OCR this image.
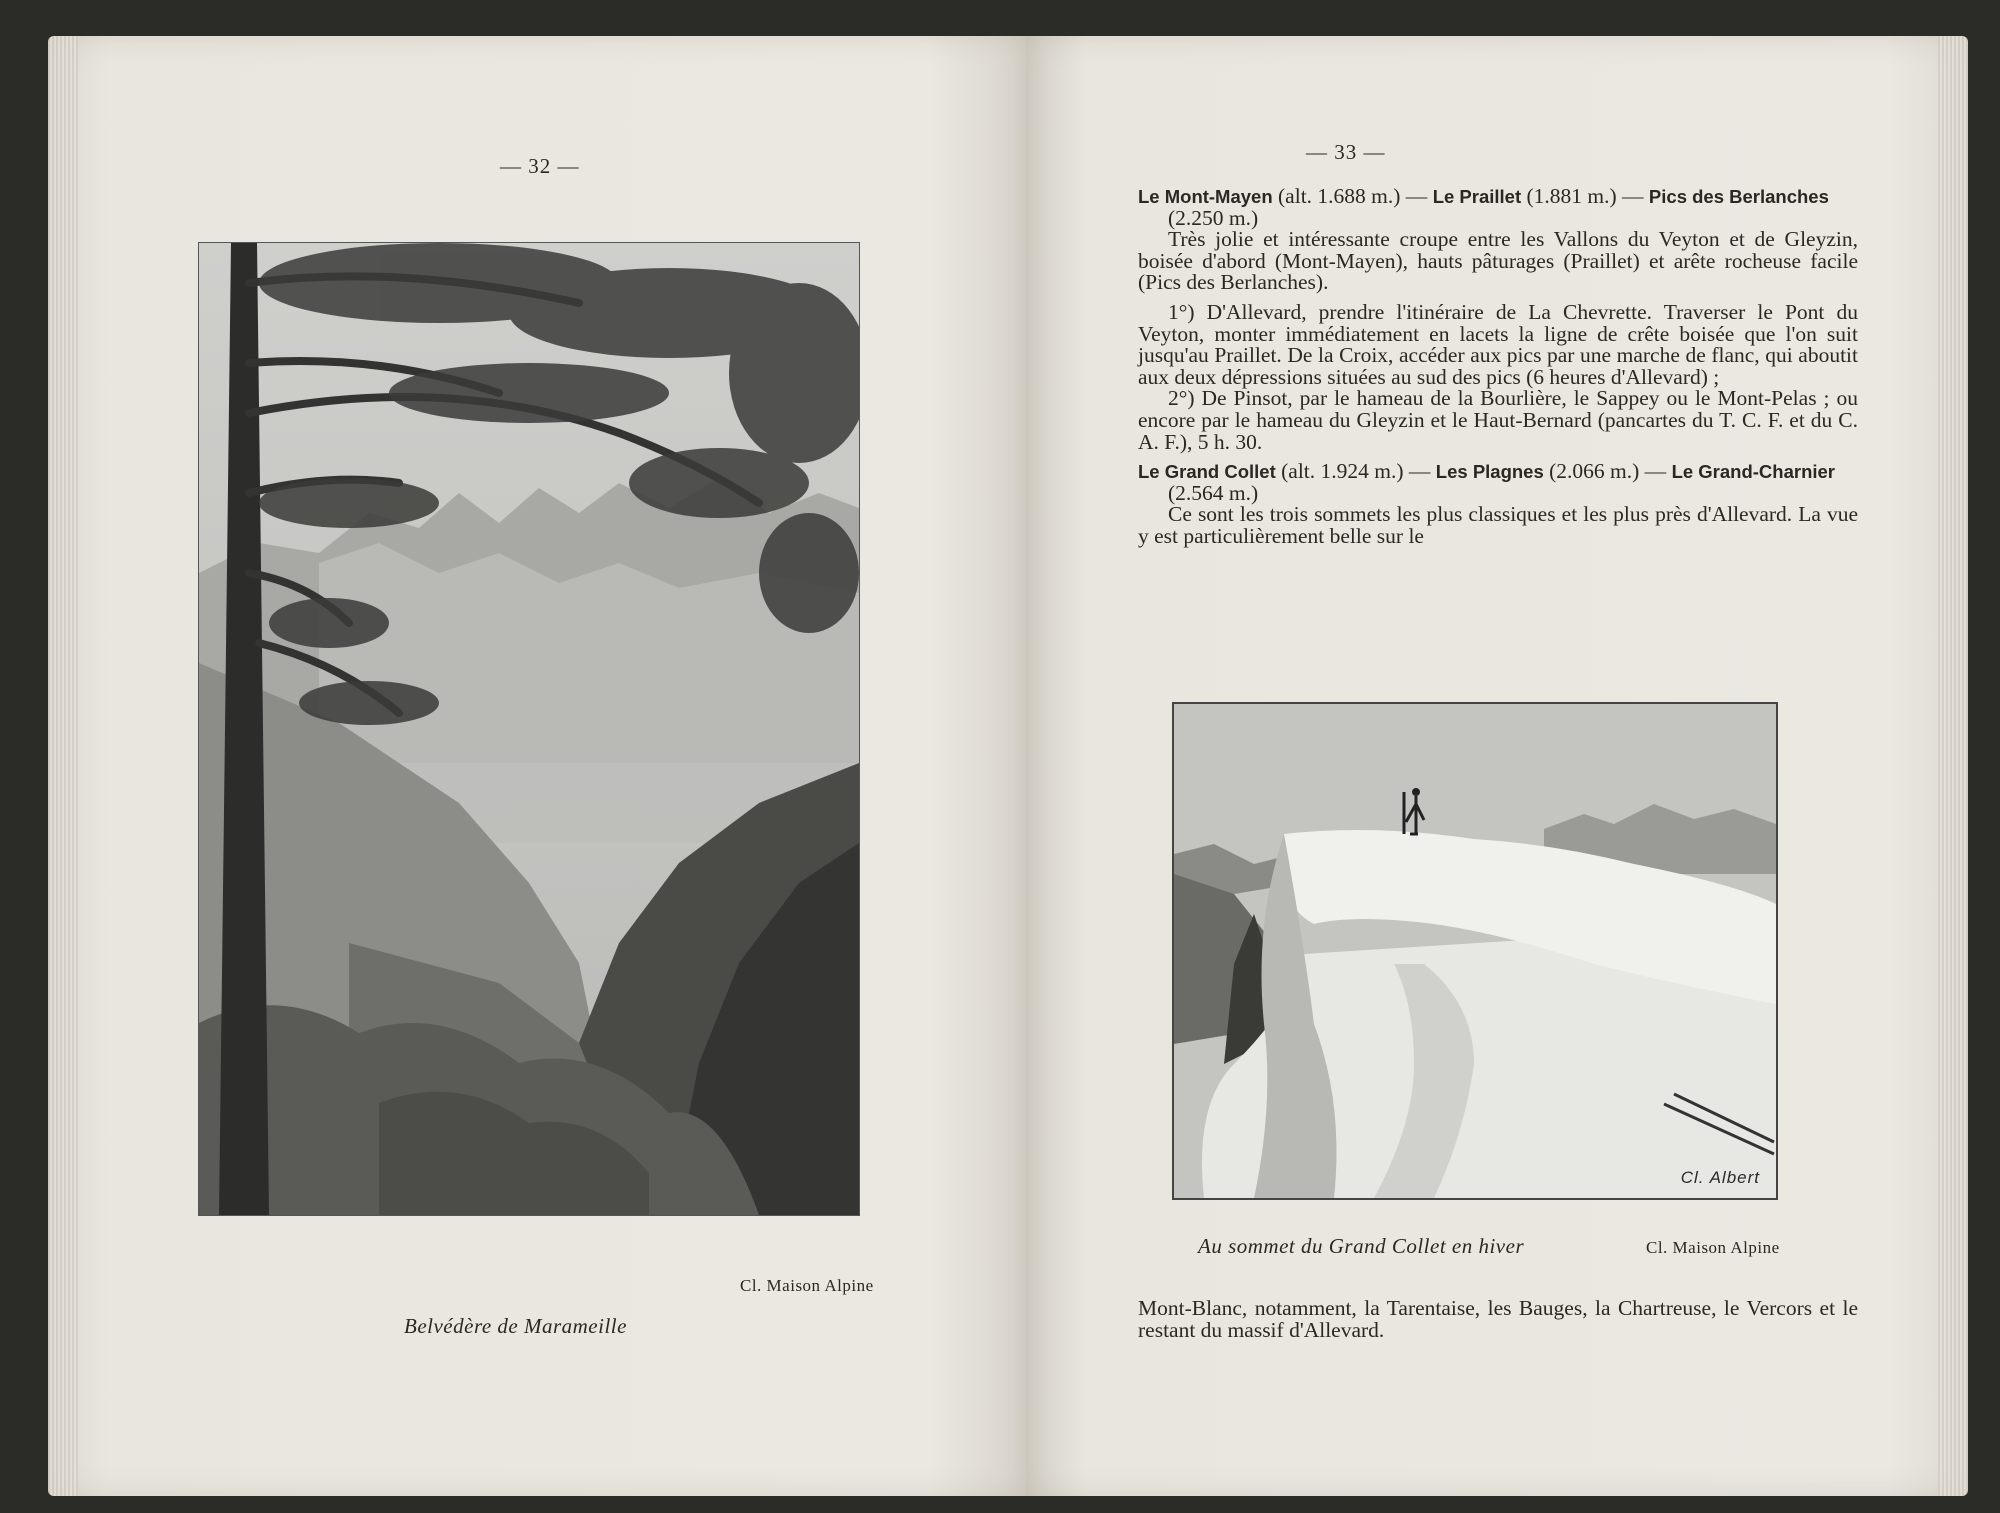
— 32 —
Cl. Maison Alpine
Belvédère de Marameille
— 33 —

Le Mont-Mayen (alt. 1.688 m.) — Le Praillet (1.881 m.) — Pics des Berlanches (2.250 m.)

Très jolie et intéressante croupe entre les Vallons du Veyton et de Gleyzin, boisée d'abord (Mont-Mayen), hauts pâturages (Praillet) et arête rocheuse facile (Pics des Berlanches).

1°) D'Allevard, prendre l'itinéraire de La Chevrette. Traverser le Pont du Veyton, monter immédiatement en lacets la ligne de crête boisée que l'on suit jusqu'au Praillet. De la Croix, accéder aux pics par une marche de flanc, qui aboutit aux deux dépressions situées au sud des pics (6 heures d'Allevard) ;

2°) De Pinsot, par le hameau de la Bourlière, le Sappey ou le Mont-Pelas ; ou encore par le hameau du Gleyzin et le Haut-Bernard (pancartes du T. C. F. et du C. A. F.), 5 h. 30.

Le Grand Collet (alt. 1.924 m.) — Les Plagnes (2.066 m.) — Le Grand-Charnier (2.564 m.)

Ce sont les trois sommets les plus classiques et les plus près d'Allevard. La vue y est particulièrement belle sur le

Cl. Albert
Au sommet du Grand Collet en hiver	Cl. Maison Alpine

Mont-Blanc, notamment, la Tarentaise, les Bauges, la Chartreuse, le Vercors et le restant du massif d'Allevard.
